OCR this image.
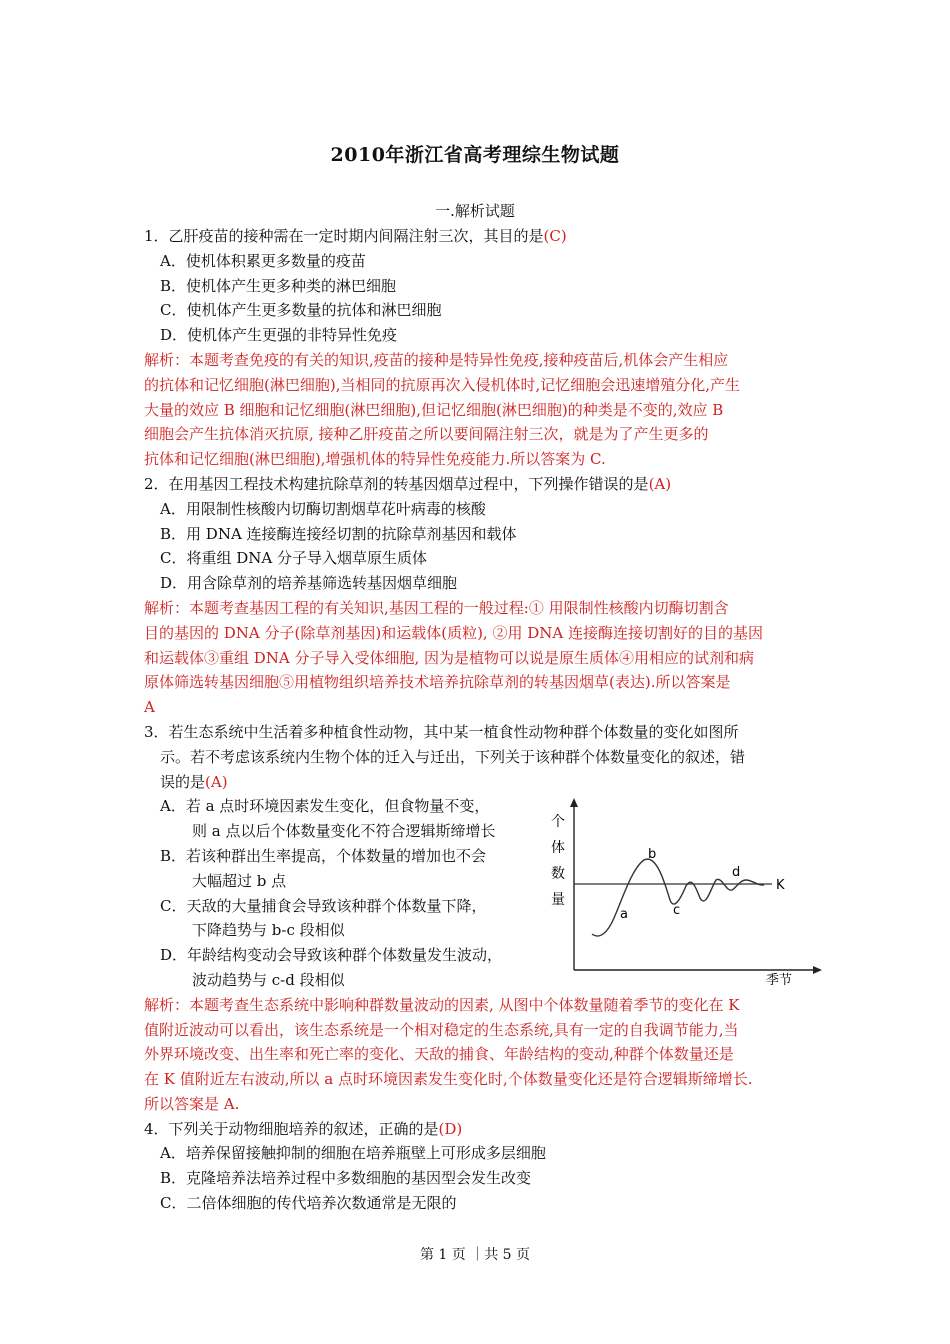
2010年浙江省高考理综生物试题
一.解析试题
1．乙肝疫苗的接种需在一定时期内间隔注射三次，其目的是(C)
A．使机体积累更多数量的疫苗
B．使机体产生更多种类的淋巴细胞
C．使机体产生更多数量的抗体和淋巴细胞
D．使机体产生更强的非特异性免疫
解析：本题考查免疫的有关的知识,疫苗的接种是特异性免疫,接种疫苗后,机体会产生相应
的抗体和记忆细胞(淋巴细胞),当相同的抗原再次入侵机体时,记忆细胞会迅速增殖分化,产生
大量的效应 B 细胞和记忆细胞(淋巴细胞),但记忆细胞(淋巴细胞)的种类是不变的,效应 B
细胞会产生抗体消灭抗原, 接种乙肝疫苗之所以要间隔注射三次，就是为了产生更多的
抗体和记忆细胞(淋巴细胞),增强机体的特异性免疫能力.所以答案为 C.
2．在用基因工程技术构建抗除草剂的转基因烟草过程中，下列操作错误的是(A)
A．用限制性核酸内切酶切割烟草花叶病毒的核酸
B．用 DNA 连接酶连接经切割的抗除草剂基因和载体
C．将重组 DNA 分子导入烟草原生质体
D．用含除草剂的培养基筛选转基因烟草细胞
解析：本题考查基因工程的有关知识,基因工程的一般过程:① 用限制性核酸内切酶切割含
目的基因的 DNA 分子(除草剂基因)和运载体(质粒), ②用 DNA 连接酶连接切割好的目的基因
和运载体③重组 DNA 分子导入受体细胞, 因为是植物可以说是原生质体④用相应的试剂和病
原体筛选转基因细胞⑤用植物组织培养技术培养抗除草剂的转基因烟草(表达).所以答案是
A
3．若生态系统中生活着多种植食性动物，其中某一植食性动物种群个体数量的变化如图所
示。若不考虑该系统内生物个体的迁入与迁出，下列关于该种群个体数量变化的叙述，错
误的是(A)
A．若 a 点时环境因素发生变化，但食物量不变，
则 a 点以后个体数量变化不符合逻辑斯缔增长
B．若该种群出生率提高，个体数量的增加也不会
大幅超过 b 点
C．天敌的大量捕食会导致该种群个体数量下降，
下降趋势与 b-c 段相似
D．年龄结构变动会导致该种群个体数量发生波动，
波动趋势与 c-d 段相似
解析：本题考查生态系统中影响种群数量波动的因素, 从图中个体数量随着季节的变化在 K
值附近波动可以看出，该生态系统是一个相对稳定的生态系统,具有一定的自我调节能力,当
外界环境改变、出生率和死亡率的变化、天敌的捕食、年龄结构的变动,种群个体数量还是
在 K 值附近左右波动,所以 a 点时环境因素发生变化时,个体数量变化还是符合逻辑斯缔增长.
所以答案是 A.
4．下列关于动物细胞培养的叙述，正确的是(D)
A．培养保留接触抑制的细胞在培养瓶壁上可形成多层细胞
B．克隆培养法培养过程中多数细胞的基因型会发生改变
C．二倍体细胞的传代培养次数通常是无限的
个
体
数
量
季节
K
a
b
c
d
第 1 页 ｜共 5 页
